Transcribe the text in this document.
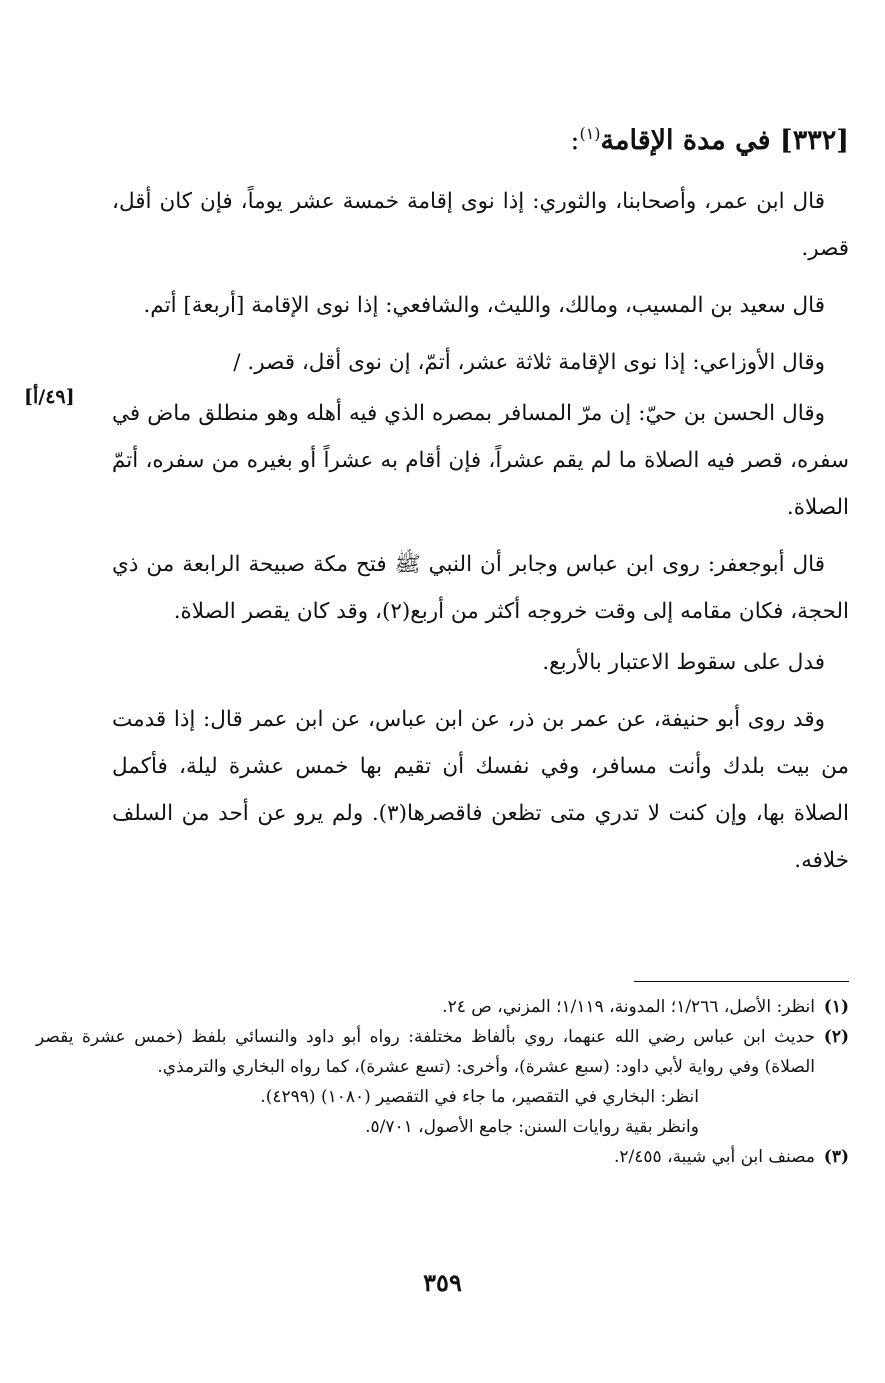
[٣٣٢] في مدة الإقامة$^{(١)}$:
[٤٩/أ]

قال ابن عمر، وأصحابنا، والثوري: إذا نوى إقامة خمسة عشر يوماً، فإن كان أقل، قصر.

قال سعيد بن المسيب، ومالك، والليث، والشافعي: إذا نوى الإقامة [أربعة] أتم.

وقال الأوزاعي: إذا نوى الإقامة ثلاثة عشر، أتمّ، إن نوى أقل، قصر. /

وقال الحسن بن حيّ: إن مرّ المسافر بمصره الذي فيه أهله وهو منطلق ماض في سفره، قصر فيه الصلاة ما لم يقم عشراً، فإن أقام به عشراً أو بغيره من سفره، أتمّ الصلاة.

قال أبوجعفر: روى ابن عباس وجابر أن النبي ﷺ فتح مكة صبيحة الرابعة من ذي الحجة، فكان مقامه إلى وقت خروجه أكثر من أربع(٢)، وقد كان يقصر الصلاة.

فدل على سقوط الاعتبار بالأربع.

وقد روى أبو حنيفة، عن عمر بن ذر، عن ابن عباس، عن ابن عمر قال: إذا قدمت من بيت بلدك وأنت مسافر، وفي نفسك أن تقيم بها خمس عشرة ليلة، فأكمل الصلاة بها، وإن كنت لا تدري متى تظعن فاقصرها(٣). ولم يرو عن أحد من السلف خلافه.

(١)
انظر: الأصل، ١/٢٦٦؛ المدونة، ١/١١٩؛ المزني، ص ٢٤.
(٢)
حديث ابن عباس رضي الله عنهما، روي بألفاظ مختلفة: رواه أبو داود والنسائي بلفظ (خمس عشرة يقصر الصلاة) وفي رواية لأبي داود: (سبع عشرة)، وأخرى: (تسع عشرة)، كما رواه البخاري والترمذي.
انظر: البخاري في التقصير، ما جاء في التقصير (١٠٨٠) (٤٢٩٩).
وانظر بقية روايات السنن: جامع الأصول، ٥/٧٠١.
(٣)
مصنف ابن أبي شيبة، ٢/٤٥٥.
٣٥٩
